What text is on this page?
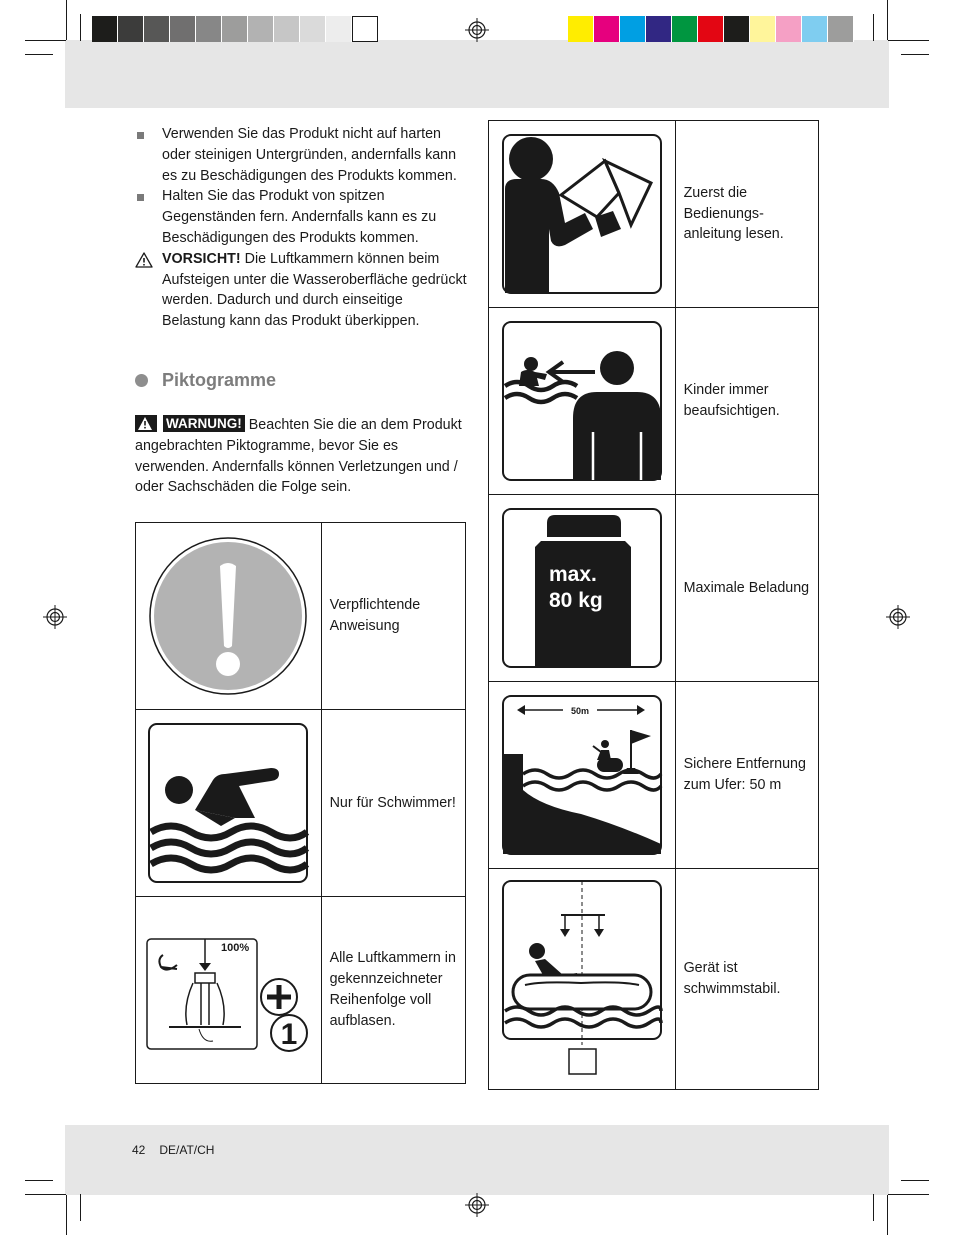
Verwenden Sie das Produkt nicht auf harten oder steinigen Untergründen, andernfalls kann es zu Beschädigungen des Produkts kommen.
Halten Sie das Produkt von spitzen Gegenständen fern. Andernfalls kann es zu Beschädigungen des Produkts kommen.
VORSICHT! Die Luftkammern können beim Aufsteigen unter die Wasseroberfläche gedrückt werden. Dadurch und durch einseitige Belastung kann das Produkt überkippen.
Piktogramme
WARNUNG! Beachten Sie die an dem Produkt angebrachten Piktogramme, bevor Sie es verwenden. Andernfalls können Verletzungen und / oder Sachschäden die Folge sein.
	Verpflichtende Anweisung

	Nur für Schwimmer!

100%
1	Alle Luftkammern in gekennzeichneter Reihenfolge voll aufblasen.
	Zuerst die Bedienungs-anleitung lesen.

	Kinder immer beaufsichtigen.

max.
80 kg	Maximale Beladung

50m	Sichere Entfernung zum Ufer: 50 m

	Gerät ist schwimmstabil.
42 DE/AT/CH
